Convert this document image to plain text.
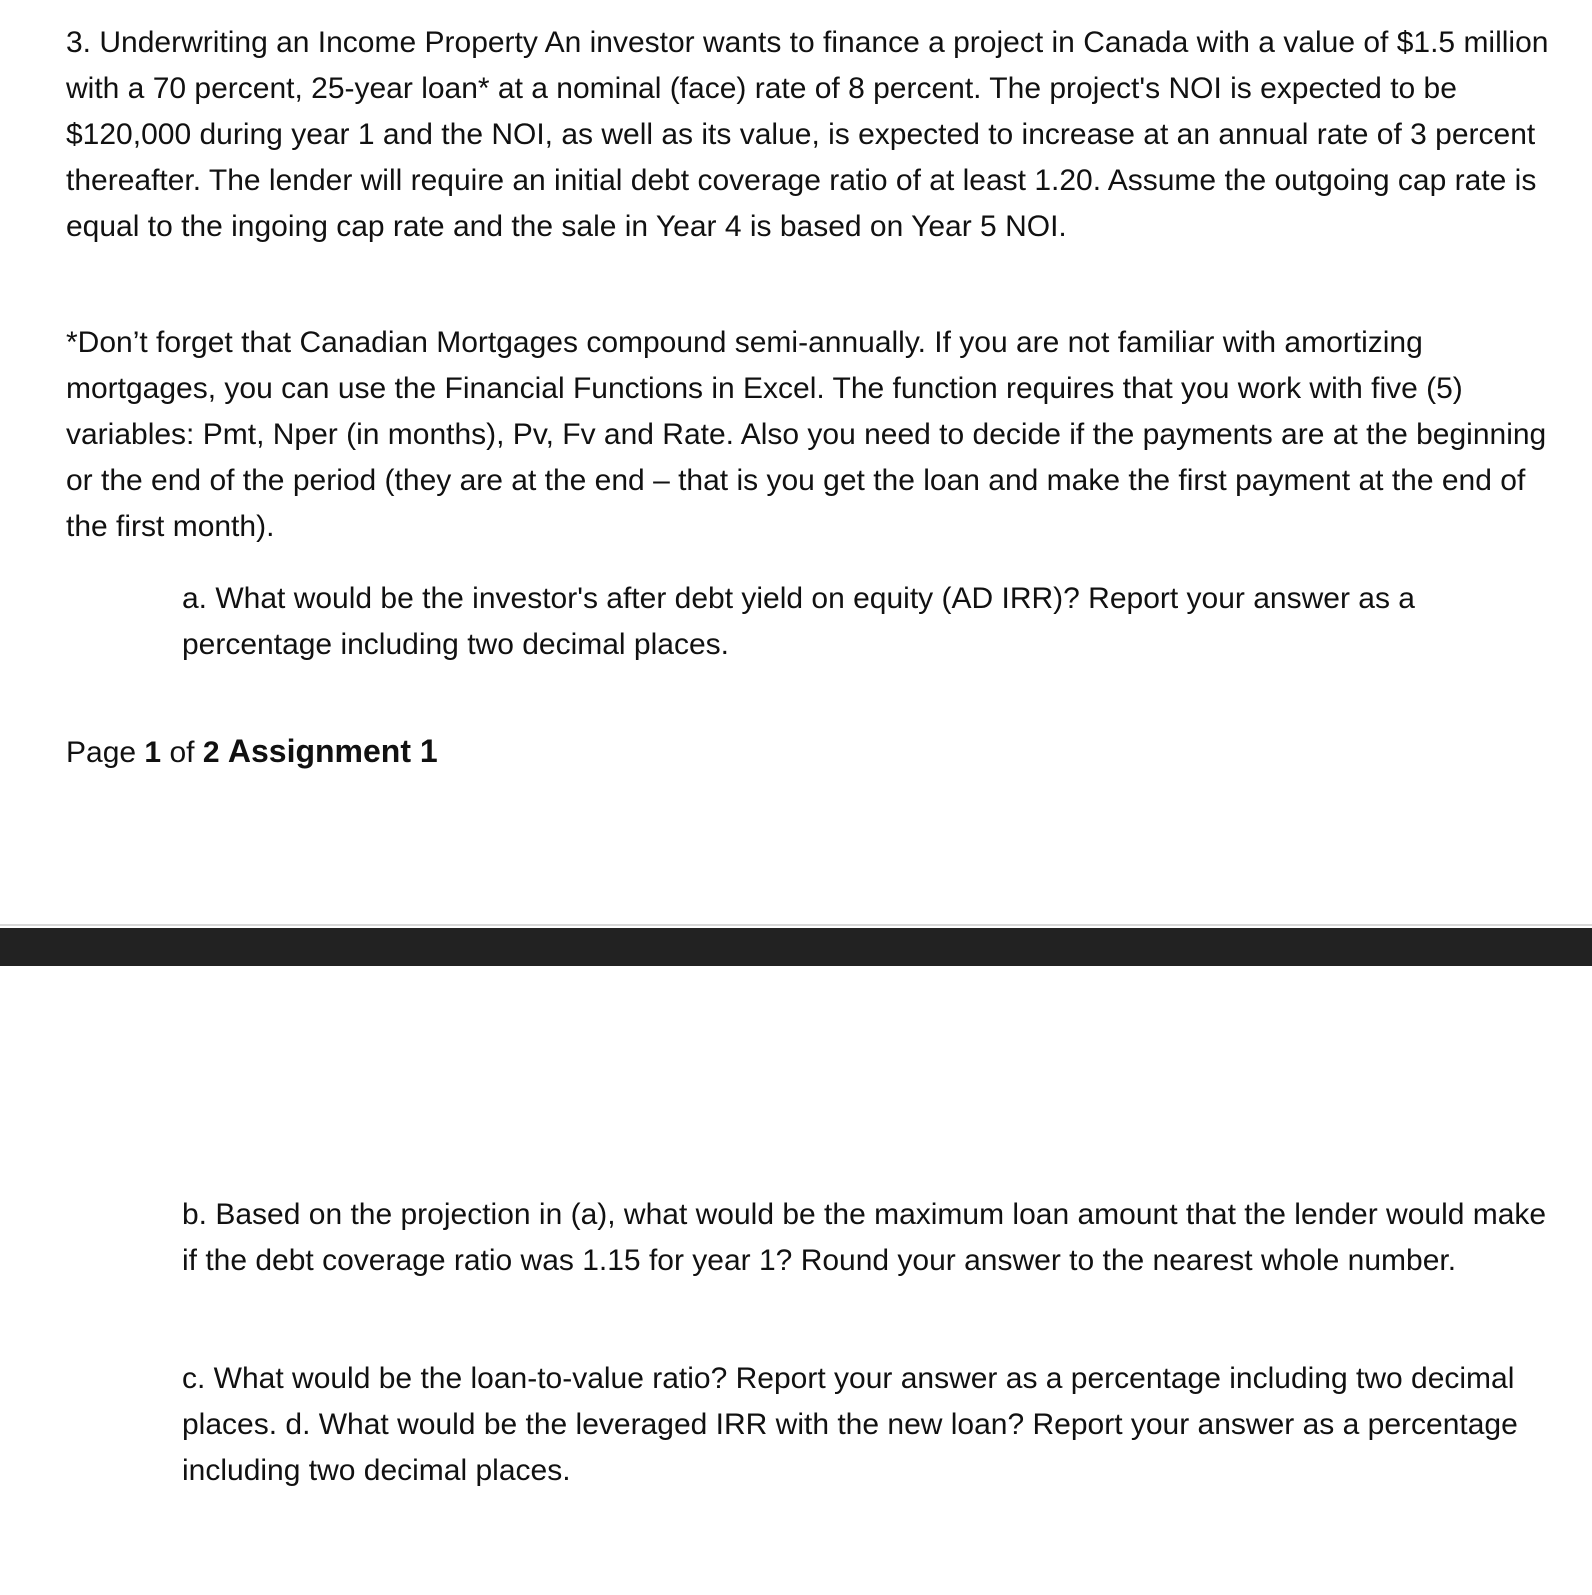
3. Underwriting an Income Property An investor wants to finance a project in Canada with a value of $1.5 million with a 70 percent, 25-year loan* at a nominal (face) rate of 8 percent. The project's NOI is expected to be $120,000 during year 1 and the NOI, as well as its value, is expected to increase at an annual rate of 3 percent thereafter. The lender will require an initial debt coverage ratio of at least 1.20. Assume the outgoing cap rate is equal to the ingoing cap rate and the sale in Year 4 is based on Year 5 NOI.

*Don’t forget that Canadian Mortgages compound semi-annually. If you are not familiar with amortizing mortgages, you can use the Financial Functions in Excel. The function requires that you work with five (5) variables: Pmt, Nper (in months), Pv, Fv and Rate. Also you need to decide if the payments are at the beginning or the end of the period (they are at the end – that is you get the loan and make the first payment at the end of the first month).

a. What would be the investor's after debt yield on equity (AD IRR)? Report your answer as a percentage including two decimal places.

Page 1 of 2 Assignment 1

b. Based on the projection in (a), what would be the maximum loan amount that the lender would make if the debt coverage ratio was 1.15 for year 1? Round your answer to the nearest whole number.

c. What would be the loan-to-value ratio? Report your answer as a percentage including two decimal places. d. What would be the leveraged IRR with the new loan? Report your answer as a percentage including two decimal places.
